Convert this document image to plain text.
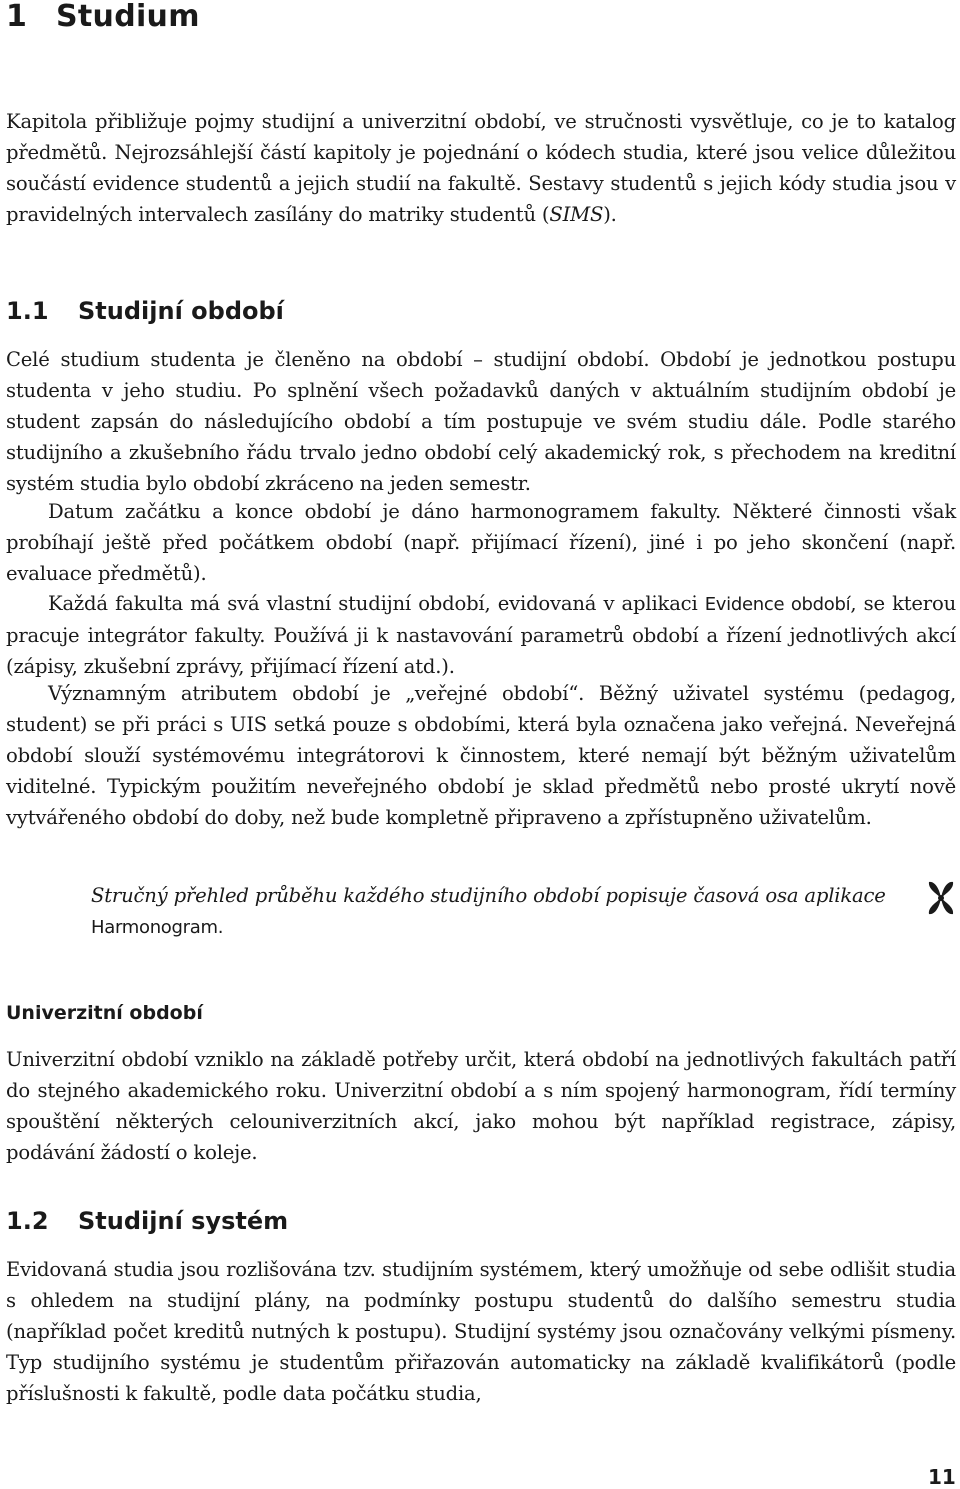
1 Studium

Kapitola přibližuje pojmy studijní a univerzitní období, ve stručnosti vysvětluje, co je to katalog předmětů. Nejrozsáhlejší částí kapitoly je pojednání o kódech studia, které jsou velice důležitou součástí evidence studentů a jejich studií na fakultě. Sestavy studentů s jejich kódy studia jsou v pravidelných intervalech zasílány do matriky studentů (SIMS).

1.1 Studijní období

Celé studium studenta je členěno na období – studijní období. Období je jednotkou postupu studenta v jeho studiu. Po splnění všech požadavků daných v aktuálním studijním období je student zapsán do následujícího období a tím postupuje ve svém studiu dále. Podle starého studijního a zkušebního řádu trvalo jedno období celý akademický rok, s přechodem na kreditní systém studia bylo období zkráceno na jeden semestr.

Datum začátku a konce období je dáno harmonogramem fakulty. Některé činnosti však probíhají ještě před počátkem období (např. přijímací řízení), jiné i po jeho skončení (např. evaluace předmětů).

Každá fakulta má svá vlastní studijní období, evidovaná v aplikaci Evidence období, se kterou pracuje integrátor fakulty. Používá ji k nastavování parametrů období a řízení jednotlivých akcí (zápisy, zkušební zprávy, přijímací řízení atd.).

Významným atributem období je „veřejné období“. Běžný uživatel systému (pedagog, student) se při práci s UIS setká pouze s obdobími, která byla označena jako veřejná. Neveřejná období slouží systémovému integrátorovi k činnostem, které nemají být běžným uživatelům viditelné. Typickým použitím neveřejného období je sklad předmětů nebo prosté ukrytí nově vytvářeného období do doby, než bude kompletně připraveno a zpřístupněno uživatelům.

Stručný přehled průběhu každého studijního období popisuje časová osa aplikace Harmonogram.

Univerzitní období

Univerzitní období vzniklo na základě potřeby určit, která období na jednotlivých fakultách patří do stejného akademického roku. Univerzitní období a s ním spojený harmonogram, řídí termíny spouštění některých celouniverzitních akcí, jako mohou být například registrace, zápisy, podávání žádostí o koleje.

1.2 Studijní systém

Evidovaná studia jsou rozlišována tzv. studijním systémem, který umožňuje od sebe odlišit studia s ohledem na studijní plány, na podmínky postupu studentů do dalšího semestru studia (například počet kreditů nutných k postupu). Studijní systémy jsou označovány velkými písmeny. Typ studijního systému je studentům přiřazován automaticky na základě kvalifikátorů (podle příslušnosti k fakultě, podle data počátku studia,

11
